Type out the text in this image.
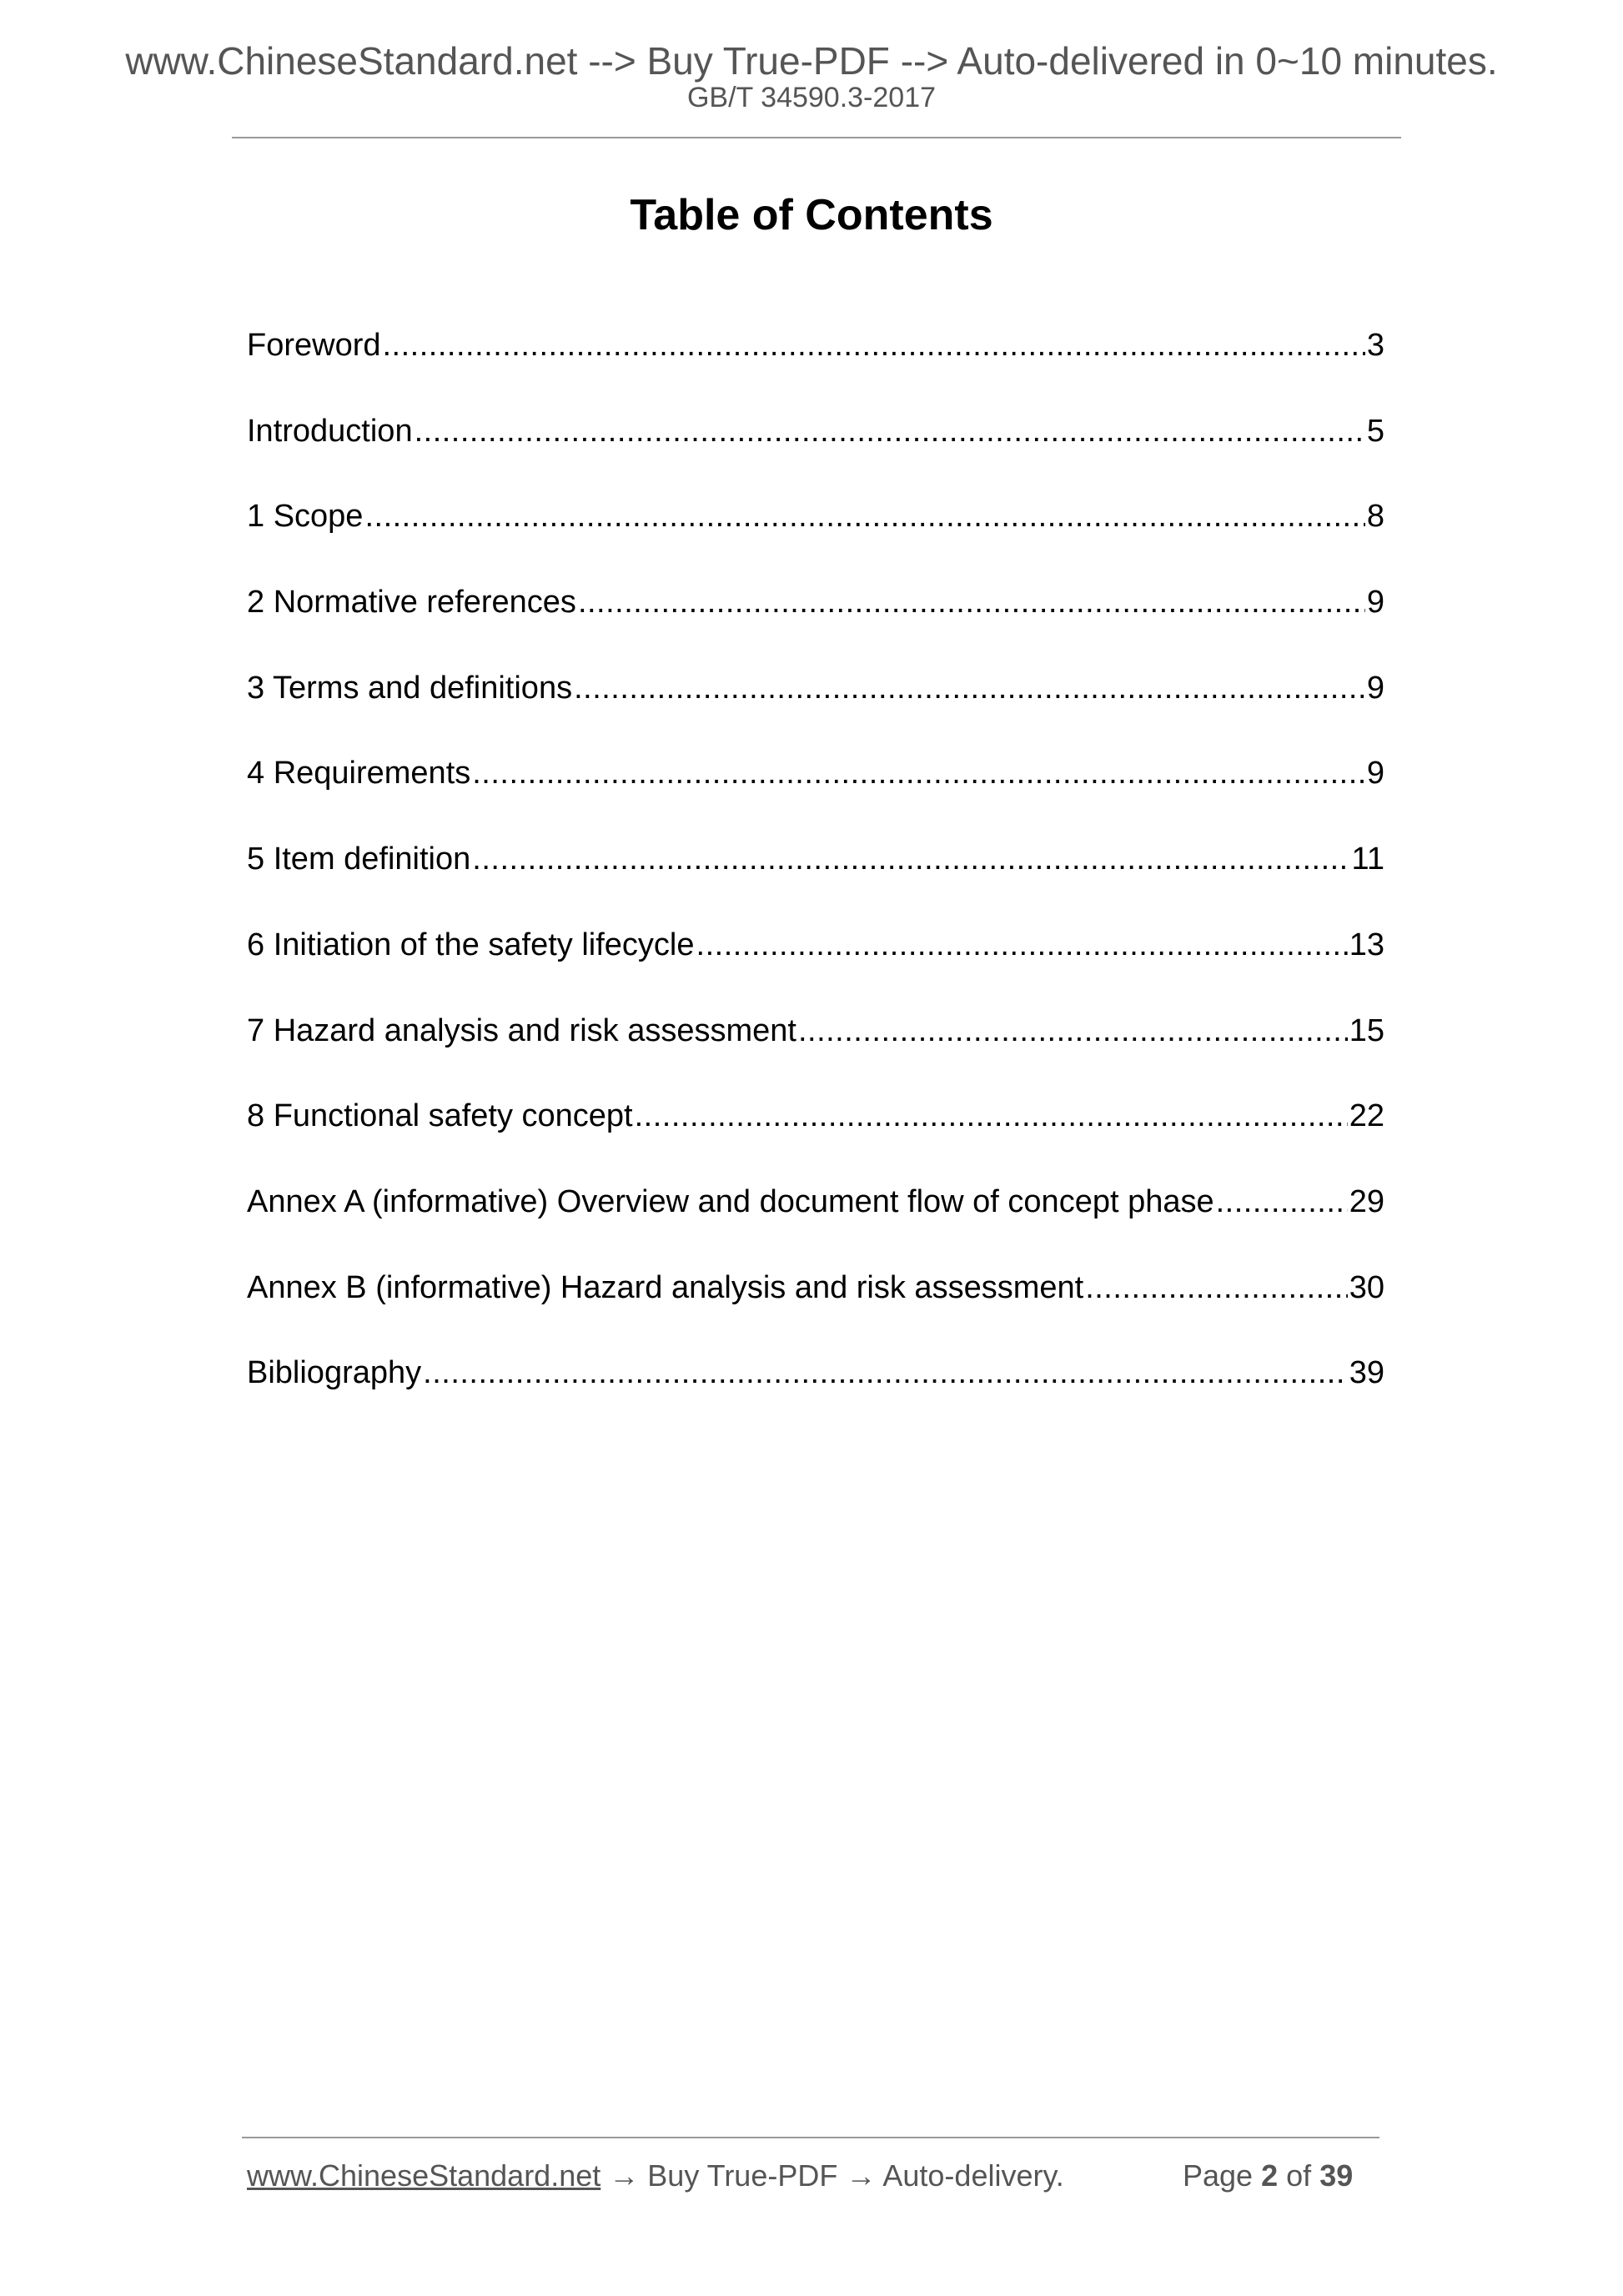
www.ChineseStandard.net --> Buy True-PDF --> Auto-delivered in 0~10 minutes.
GB/T 34590.3-2017
Table of Contents
Foreword .....	3
Introduction .....	5
1 Scope .....	8
2 Normative references .....	9
3 Terms and definitions .....	9
4 Requirements .....	9
5 Item definition .....	11
6 Initiation of the safety lifecycle .....	13
7 Hazard analysis and risk assessment .....	15
8 Functional safety concept .....	22
Annex A (informative) Overview and document flow of concept phase .....	29
Annex B (informative) Hazard analysis and risk assessment .....	30
Bibliography .....	39
www.ChineseStandard.net → Buy True-PDF → Auto-delivery.	Page 2 of 39
